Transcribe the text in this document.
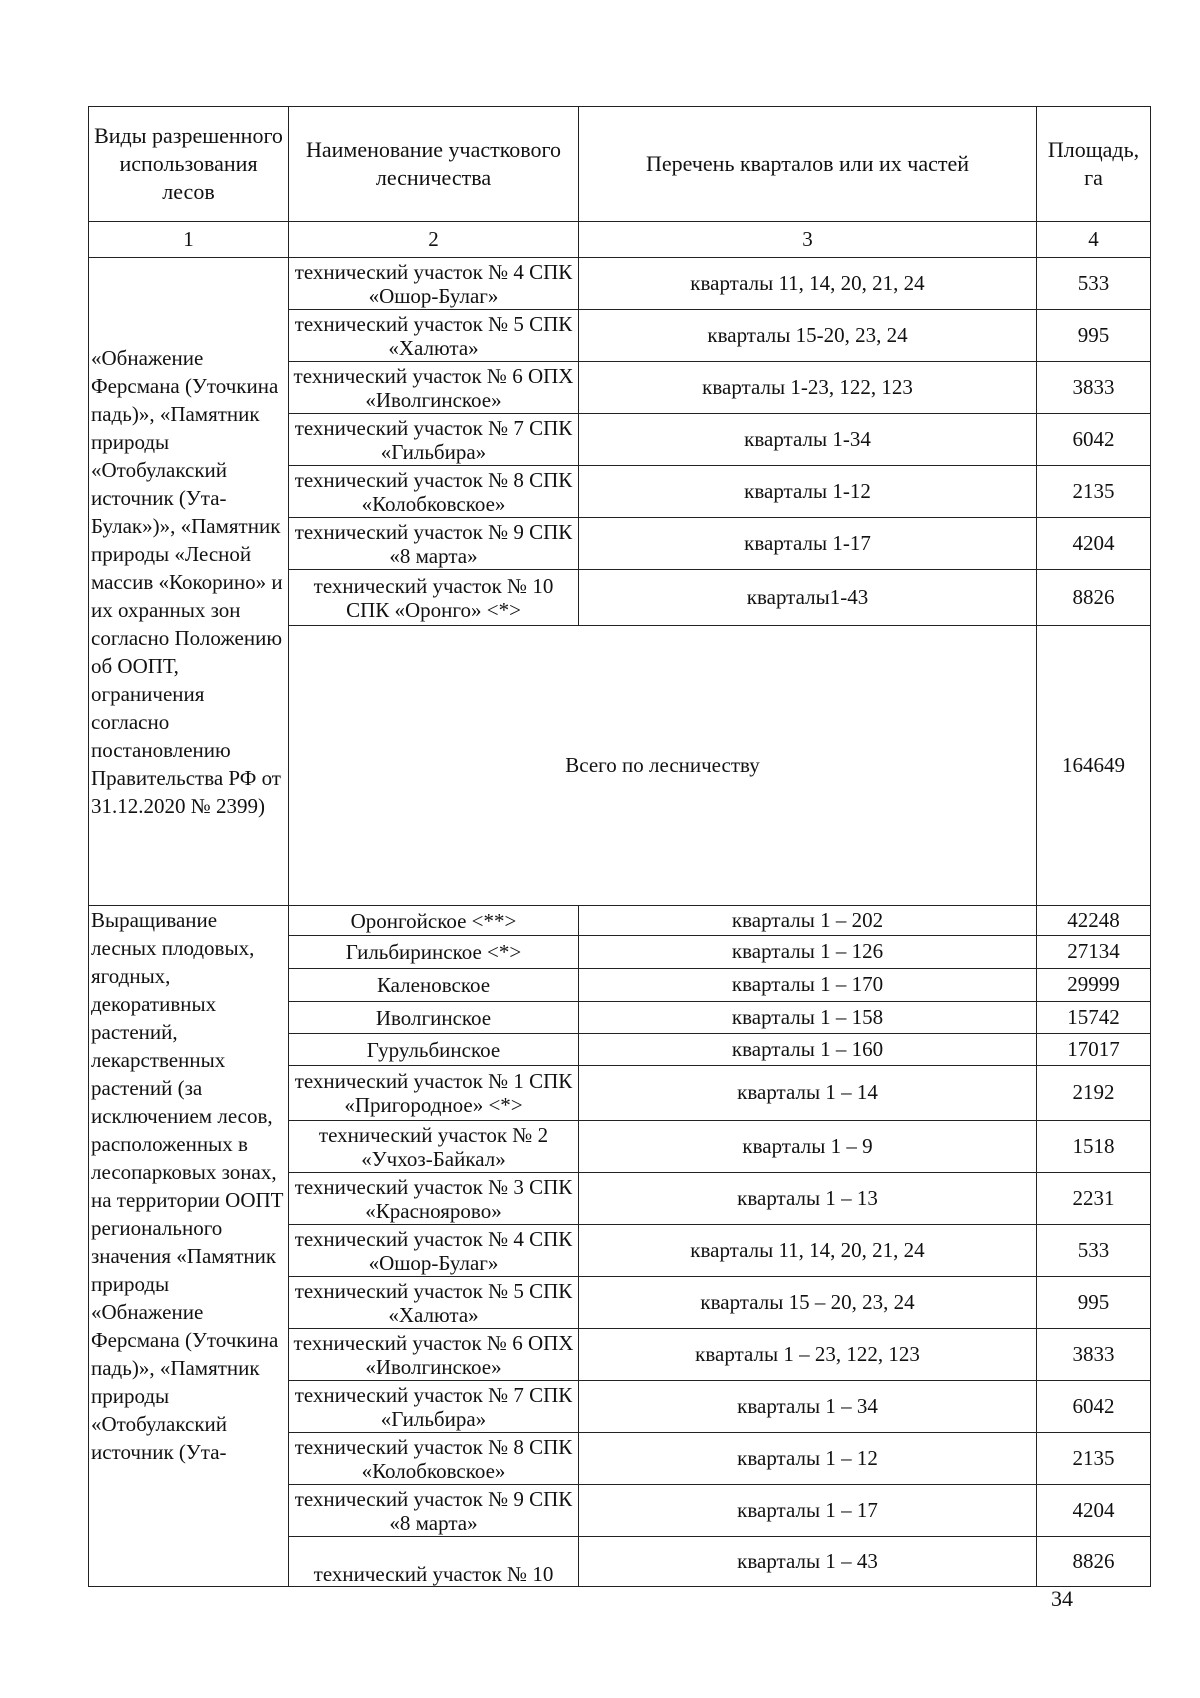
Виды разрешенного использования лесов	Наименование участкового лесничества	Перечень кварталов или их частей	Площадь, га
1	2	3	4
«Обнажение Ферсмана (Уточкина падь)», «Памятник природы «Отобулакский источник (Ута-Булак»)», «Памятник природы «Лесной массив «Кокорино» и их охранных зон согласно Положению об ООПТ, ограничения согласно постановлению Правительства РФ от 31.12.2020 № 2399)	технический участок № 4 СПК «Ошор-Булаг»	кварталы 11, 14, 20, 21, 24	533
	технический участок № 5 СПК «Халюта»	кварталы 15-20, 23, 24	995
	технический участок № 6 ОПХ «Иволгинское»	кварталы 1-23, 122, 123	3833
	технический участок № 7 СПК «Гильбира»	кварталы 1-34	6042
	технический участок № 8 СПК «Колобковское»	кварталы 1-12	2135
	технический участок № 9 СПК «8 марта»	кварталы 1-17	4204
	технический участок № 10 СПК «Оронго» <*>	кварталы1-43	8826
	Всего по лесничеству		164649
Выращивание лесных плодовых, ягодных, декоративных растений, лекарственных растений (за исключением лесов, расположенных в лесопарковых зонах, на территории ООПТ регионального значения «Памятник природы «Обнажение Ферсмана (Уточкина падь)», «Памятник природы «Отобулакский источник (Ута-	Оронгойское <**>	кварталы 1 – 202	42248
	Гильбиринское <*>	кварталы 1 – 126	27134
	Каленовское	кварталы 1 – 170	29999
	Иволгинское	кварталы 1 – 158	15742
	Гурульбинское	кварталы 1 – 160	17017
	технический участок № 1 СПК «Пригородное» <*>	кварталы 1 – 14	2192
	технический участок № 2 «Учхоз-Байкал»	кварталы 1 – 9	1518
	технический участок № 3 СПК «Красноярово»	кварталы 1 – 13	2231
	технический участок № 4 СПК «Ошор-Булаг»	кварталы 11, 14, 20, 21, 24	533
	технический участок № 5 СПК «Халюта»	кварталы 15 – 20, 23, 24	995
	технический участок № 6 ОПХ «Иволгинское»	кварталы 1 – 23, 122, 123	3833
	технический участок № 7 СПК «Гильбира»	кварталы 1 – 34	6042
	технический участок № 8 СПК «Колобковское»	кварталы 1 – 12	2135
	технический участок № 9 СПК «8 марта»	кварталы 1 – 17	4204
	технический участок № 10	кварталы 1 – 43	8826
34
